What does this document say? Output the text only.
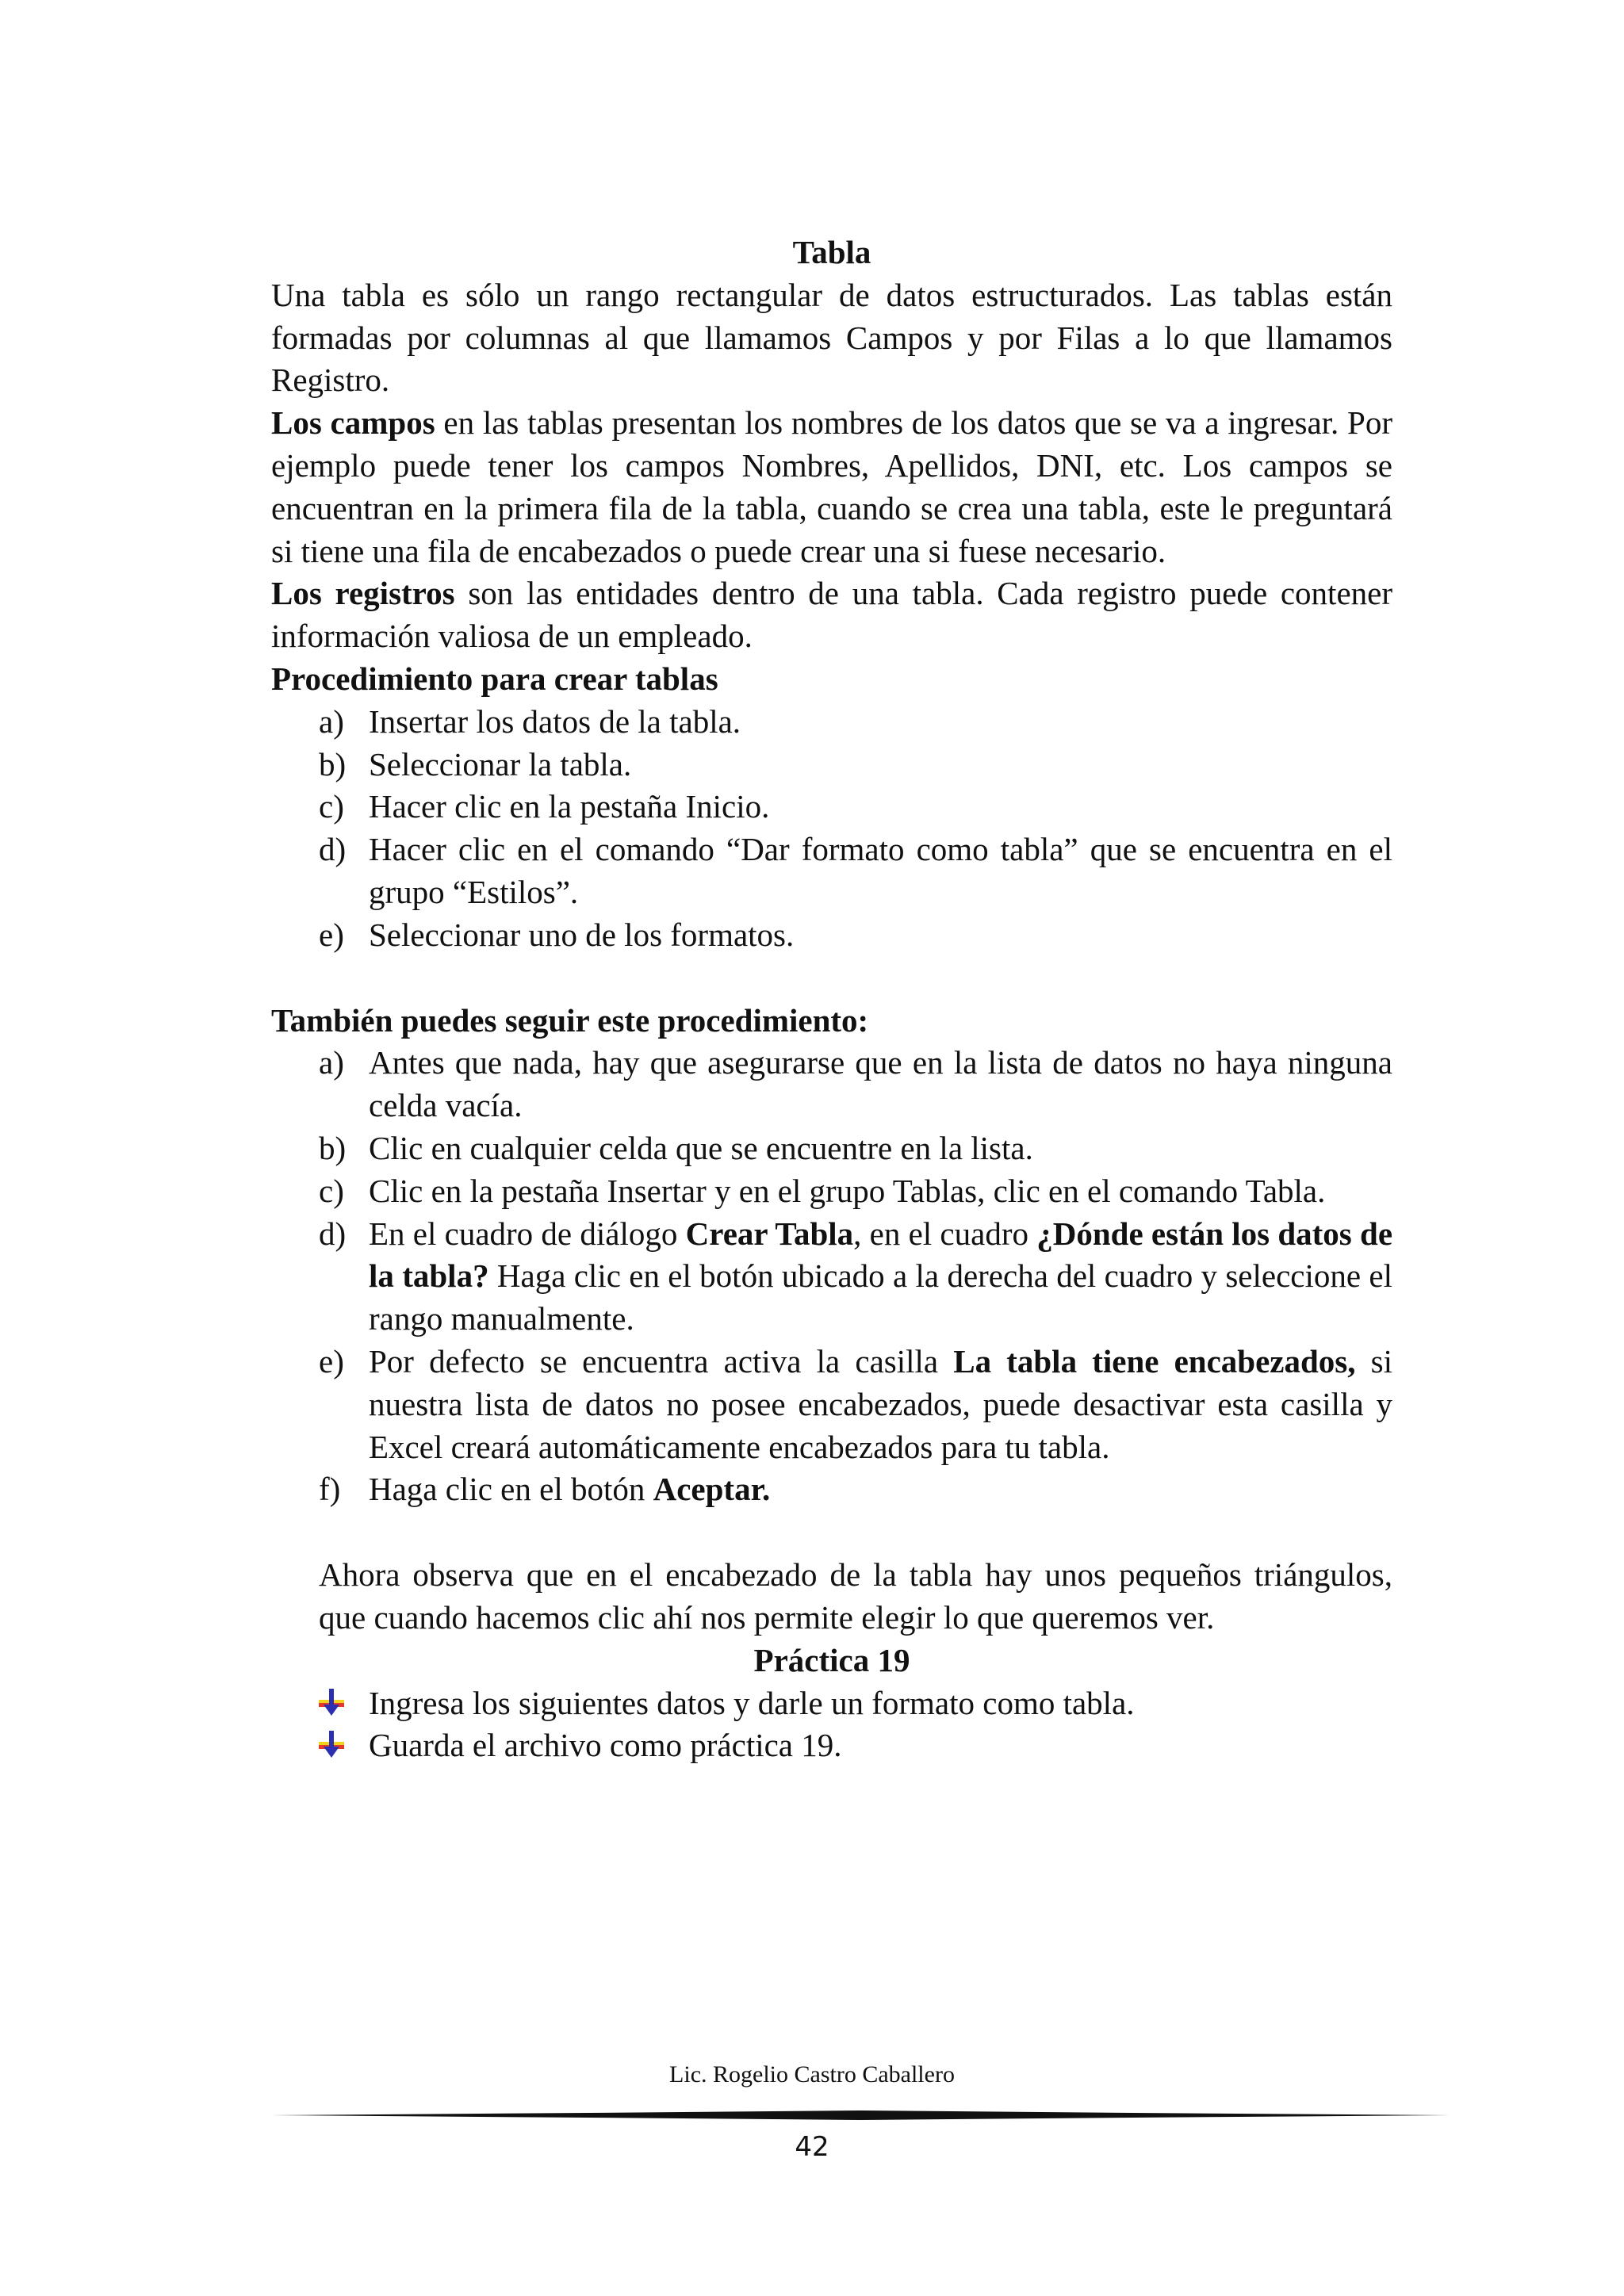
Tabla

Una tabla es sólo un rango rectangular de datos estructurados. Las tablas están formadas por columnas al que llamamos Campos y por Filas a lo que llamamos Registro.

Los campos en las tablas presentan los nombres de los datos que se va a ingresar. Por ejemplo puede tener los campos Nombres, Apellidos, DNI, etc. Los campos se encuentran en la primera fila de la tabla, cuando se crea una tabla, este le preguntará si tiene una fila de encabezados o puede crear una si fuese necesario.

Los registros son las entidades dentro de una tabla. Cada registro puede contener información valiosa de un empleado.

Procedimiento para crear tablas

a) Insertar los datos de la tabla.
b) Seleccionar la tabla.
c) Hacer clic en la pestaña Inicio.
d) Hacer clic en el comando “Dar formato como tabla” que se encuentra en el grupo “Estilos”.
e) Seleccionar uno de los formatos.

También puedes seguir este procedimiento:

a) Antes que nada, hay que asegurarse que en la lista de datos no haya ninguna celda vacía.
b) Clic en cualquier celda que se encuentre en la lista.
c) Clic en la pestaña Insertar y en el grupo Tablas, clic en el comando Tabla.
d) En el cuadro de diálogo Crear Tabla, en el cuadro ¿Dónde están los datos de la tabla? Haga clic en el botón ubicado a la derecha del cuadro y seleccione el rango manualmente.
e) Por defecto se encuentra activa la casilla La tabla tiene encabezados, si nuestra lista de datos no posee encabezados, puede desactivar esta casilla y Excel creará automáticamente encabezados para tu tabla.
f) Haga clic en el botón Aceptar.

Ahora observa que en el encabezado de la tabla hay unos pequeños triángulos, que cuando hacemos clic ahí nos permite elegir lo que queremos ver.

Práctica 19

Ingresa los siguientes datos y darle un formato como tabla.
Guarda el archivo como práctica 19.
Lic. Rogelio Castro Caballero
42
